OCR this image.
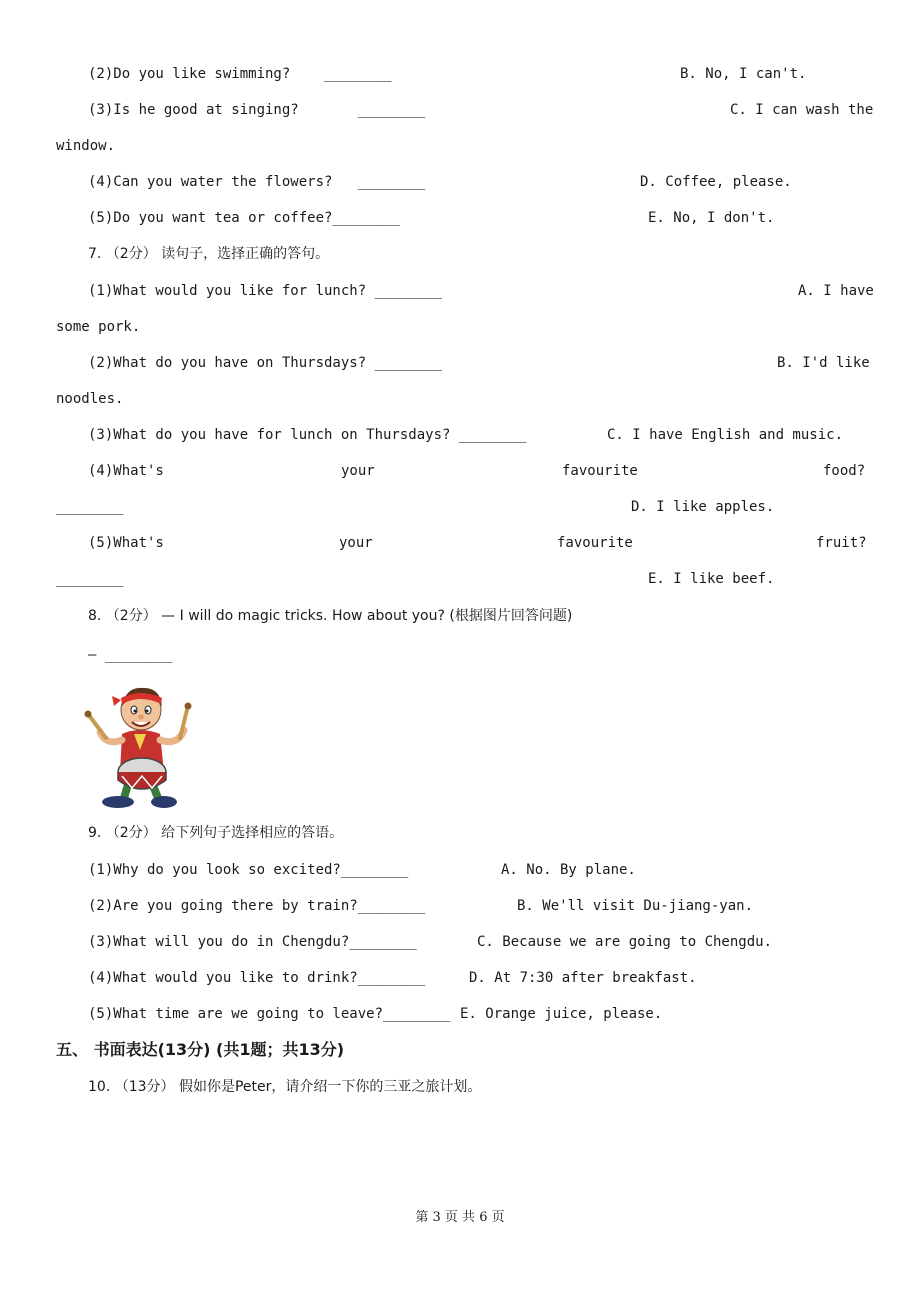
(2)Do you like swimming? ________	B. No, I can't.
(3)Is he good at singing?	________	C. I can wash the
window.
(4)Can you water the flowers? ________	D. Coffee, please.
(5)Do you want tea or coffee?________	E. No, I don't.
7. （2分） 读句子，选择正确的答句。
(1)What would you like for lunch? ________	A. I have
some pork.
(2)What do you have on Thursdays? ________	B. I'd like
noodles.
(3)What do you have for lunch on Thursdays? ________	C. I have English and music.
(4)What's	your	favourite	food?
________	D. I like apples.
(5)What's	your	favourite	fruit?
________	E. I like beef.
8. （2分） — I will do magic tricks. How about you? (根据图片回答问题)
— ________
9. （2分） 给下列句子选择相应的答语。
(1)Why do you look so excited?________	A. No. By plane.
(2)Are you going there by train?________	B. We'll visit Du-jiang-yan.
(3)What will you do in Chengdu?________	C. Because we are going to Chengdu.
(4)What would you like to drink?________	D. At 7:30 after breakfast.
(5)What time are we going to leave?________ E. Orange juice, please.
五、 书面表达(13分) (共1题；共13分)
10. （13分） 假如你是Peter，请介绍一下你的三亚之旅计划。
第 3 页 共 6 页
